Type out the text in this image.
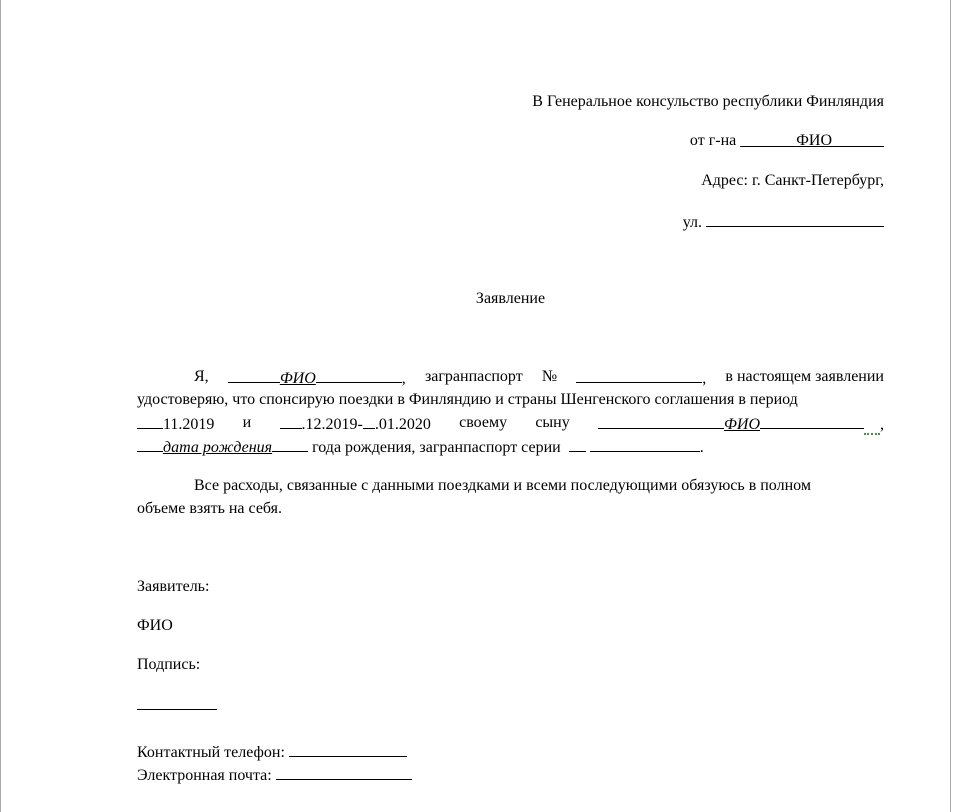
В Генеральное консульство республики Финляндия
от г-на	ФИО
Адрес: г. Санкт-Петербург,
ул.
Заявление
Я,	ФИО	, загранпаспорт №	, в настоящем заявлении
удостоверяю, что спонсирую поездки в Финляндию и страны Шенгенского соглашения в период
11.2019 и	.12.2019- .01.2020 своему сыну	ФИО	,
дата рождения года рождения, загранпаспорт серии	.
Все расходы, связанные с данными поездками и всеми последующими обязуюсь в полном
объеме взять на себя.
Заявитель:
ФИО
Подпись:
Контактный телефон:
Электронная почта:
